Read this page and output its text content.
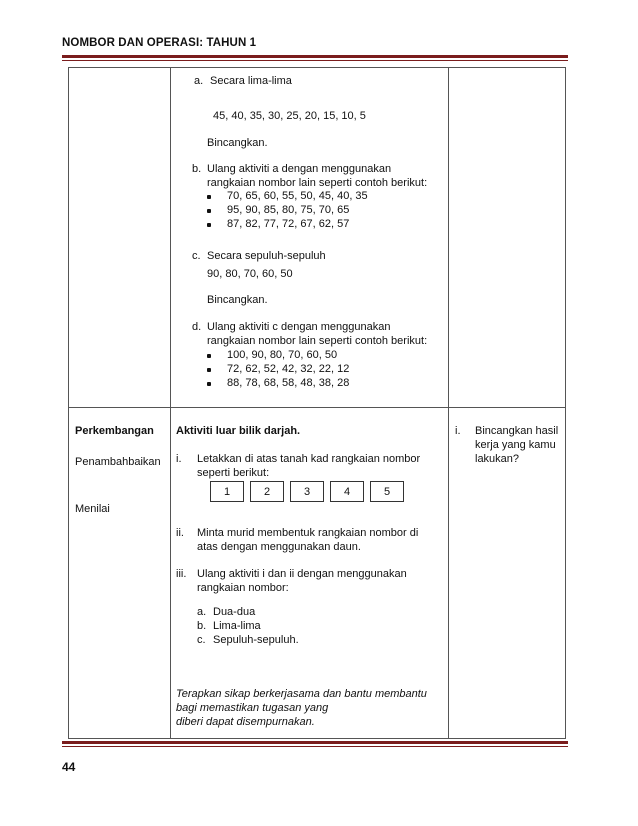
NOMBOR DAN OPERASI: TAHUN 1
a. Secara lima-lima
45, 40, 35, 30, 25, 20, 15, 10, 5
Bincangkan.
b. Ulang aktiviti a dengan menggunakan
rangkaian nombor lain seperti contoh berikut:
70, 65, 60, 55, 50, 45, 40, 35
95, 90, 85, 80, 75, 70, 65
87, 82, 77, 72, 67, 62, 57
c. Secara sepuluh-sepuluh
90, 80, 70, 60, 50
Bincangkan.
d. Ulang aktiviti c dengan menggunakan
rangkaian nombor lain seperti contoh berikut:
100, 90, 80, 70, 60, 50
72, 62, 52, 42, 32, 22, 12
88, 78, 68, 58, 48, 38, 28
Perkembangan
Penambahbaikan
Menilai
Aktiviti luar bilik darjah.
i. Letakkan di atas tanah kad rangkaian nombor
seperti berikut:
1	2	3	4	5
ii. Minta murid membentuk rangkaian nombor di
atas dengan menggunakan daun.
iii. Ulang aktiviti i dan ii dengan menggunakan
rangkaian nombor:
a. Dua-dua
b. Lima-lima
c. Sepuluh-sepuluh.
Terapkan sikap berkerjasama dan bantu membantu
bagi memastikan tugasan yang
diberi dapat disempurnakan.
i. Bincangkan hasil
kerja yang kamu
lakukan?
44
